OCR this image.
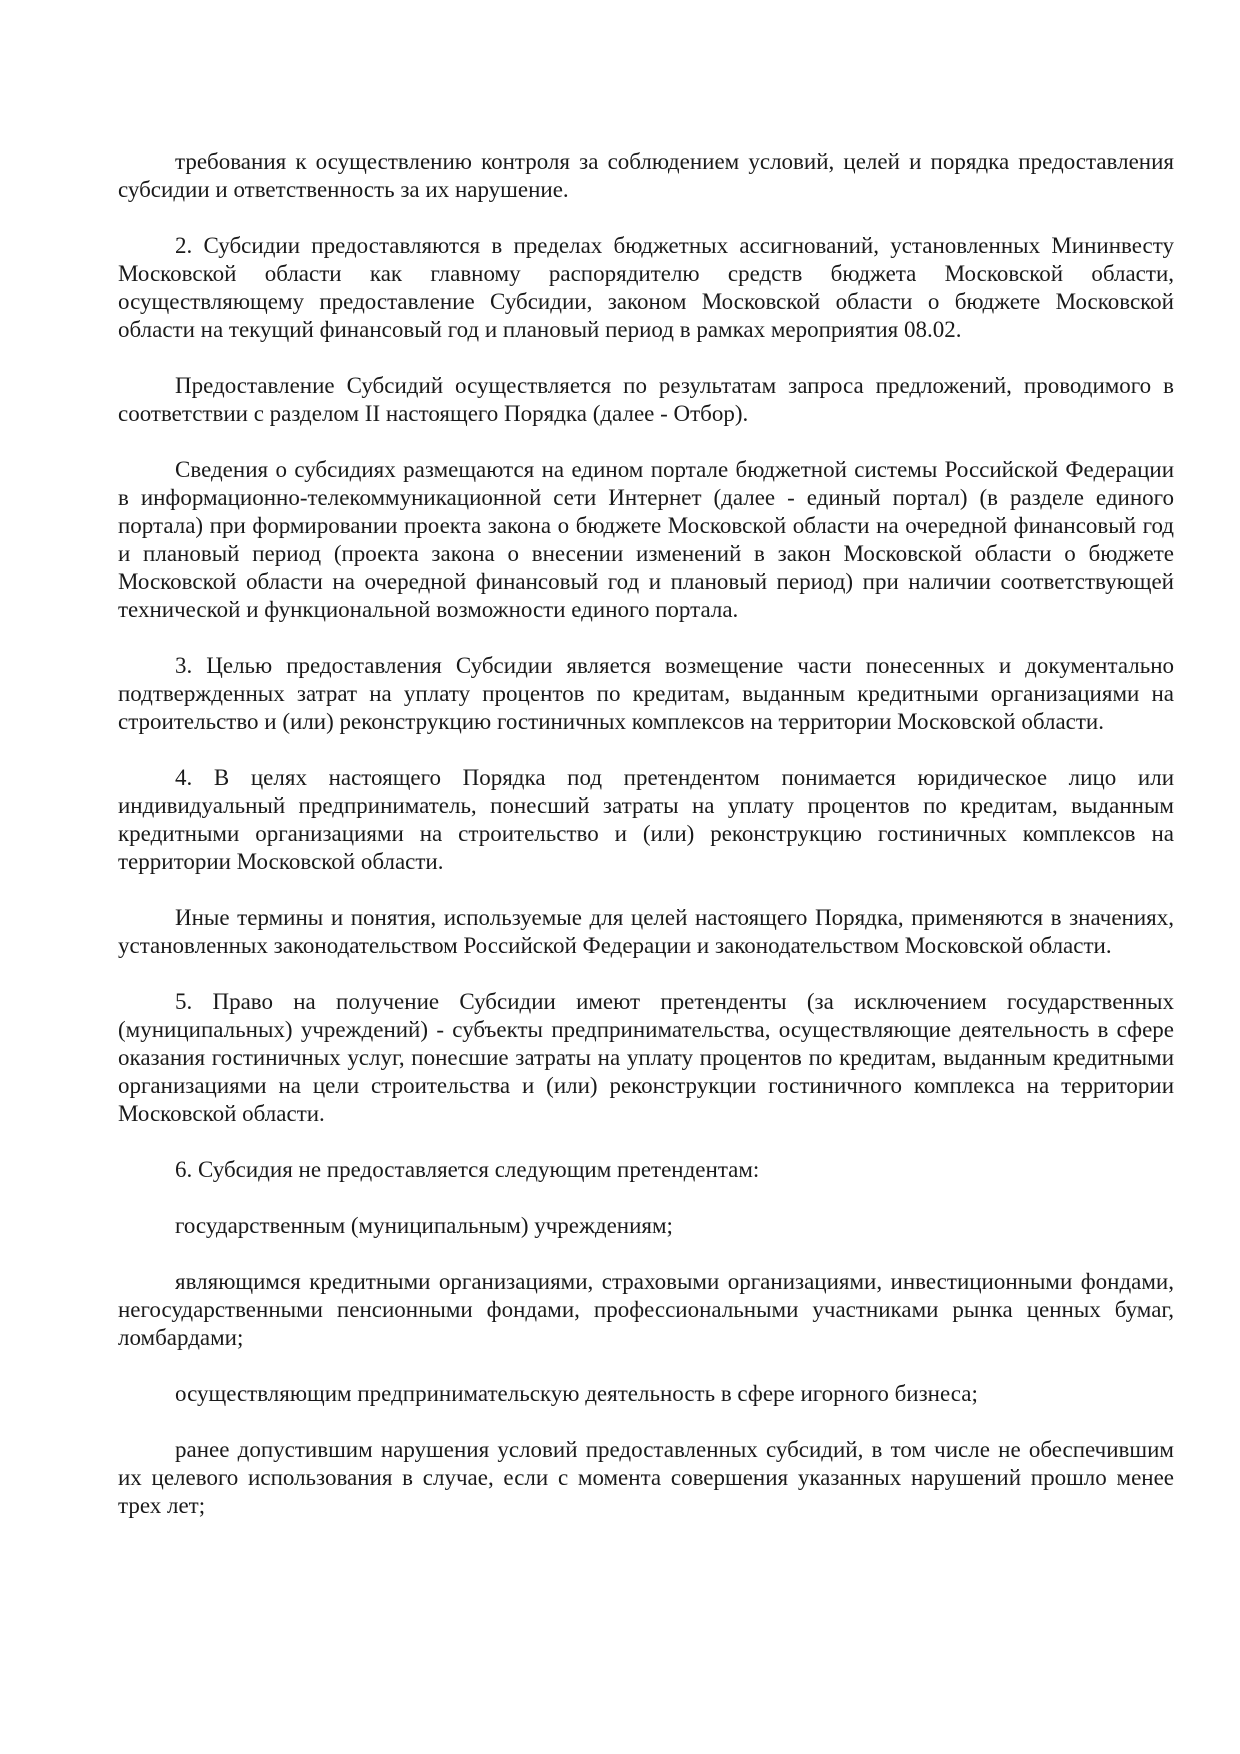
требования к осуществлению контроля за соблюдением условий, целей и порядка предоставления субсидии и ответственность за их нарушение.

2. Субсидии предоставляются в пределах бюджетных ассигнований, установленных Мининвесту Московской области как главному распорядителю средств бюджета Московской области, осуществляющему предоставление Субсидии, законом Московской области о бюджете Московской области на текущий финансовый год и плановый период в рамках мероприятия 08.02.

Предоставление Субсидий осуществляется по результатам запроса предложений, проводимого в соответствии с разделом II настоящего Порядка (далее - Отбор).

Сведения о субсидиях размещаются на едином портале бюджетной системы Российской Федерации в информационно-телекоммуникационной сети Интернет (далее - единый портал) (в разделе единого портала) при формировании проекта закона о бюджете Московской области на очередной финансовый год и плановый период (проекта закона о внесении изменений в закон Московской области о бюджете Московской области на очередной финансовый год и плановый период) при наличии соответствующей технической и функциональной возможности единого портала.

3. Целью предоставления Субсидии является возмещение части понесенных и документально подтвержденных затрат на уплату процентов по кредитам, выданным кредитными организациями на строительство и (или) реконструкцию гостиничных комплексов на территории Московской области.

4. В целях настоящего Порядка под претендентом понимается юридическое лицо или индивидуальный предприниматель, понесший затраты на уплату процентов по кредитам, выданным кредитными организациями на строительство и (или) реконструкцию гостиничных комплексов на территории Московской области.

Иные термины и понятия, используемые для целей настоящего Порядка, применяются в значениях, установленных законодательством Российской Федерации и законодательством Московской области.

5. Право на получение Субсидии имеют претенденты (за исключением государственных (муниципальных) учреждений) - субъекты предпринимательства, осуществляющие деятельность в сфере оказания гостиничных услуг, понесшие затраты на уплату процентов по кредитам, выданным кредитными организациями на цели строительства и (или) реконструкции гостиничного комплекса на территории Московской области.

6. Субсидия не предоставляется следующим претендентам:

государственным (муниципальным) учреждениям;

являющимся кредитными организациями, страховыми организациями, инвестиционными фондами, негосударственными пенсионными фондами, профессиональными участниками рынка ценных бумаг, ломбардами;

осуществляющим предпринимательскую деятельность в сфере игорного бизнеса;

ранее допустившим нарушения условий предоставленных субсидий, в том числе не обеспечившим их целевого использования в случае, если с момента совершения указанных нарушений прошло менее трех лет;
